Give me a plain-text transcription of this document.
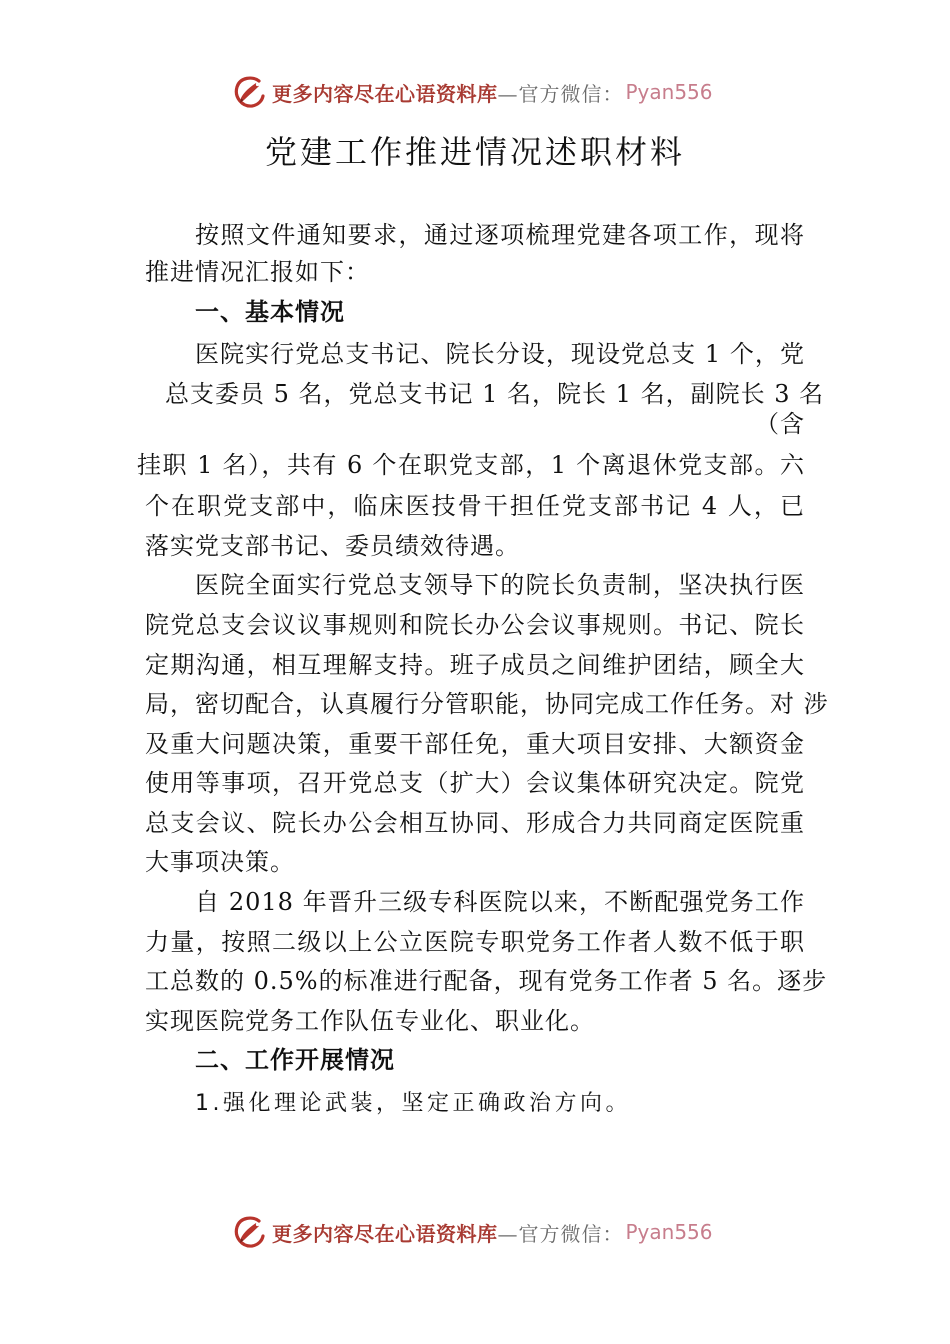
更多内容尽在心语资料库 —官方微信： Pyan556
党建工作推进情况述职材料
按照文件通知要求，通过逐项梳理党建各项工作，现将
推进情况汇报如下：
一、基本情况
医院实行党总支书记、院长分设，现设党总支 1 个，党
总支委员 5 名，党总支书记 1 名，院长 1 名，副院长 3 名
（含
挂职 1 名），共有 6 个在职党支部，1 个离退休党支部。六
个在职党支部中，临床医技骨干担任党支部书记 4 人，已
落实党支部书记、委员绩效待遇。
医院全面实行党总支领导下的院长负责制，坚决执行医
院党总支会议议事规则和院长办公会议事规则。书记、院长
定期沟通，相互理解支持。班子成员之间维护团结，顾全大
局，密切配合，认真履行分管职能，协同完成工作任务。对 涉
及重大问题决策，重要干部任免，重大项目安排、大额资金
使用等事项，召开党总支（扩大）会议集体研究决定。院党
总支会议、院长办公会相互协同、形成合力共同商定医院重
大事项决策。
自 2018 年晋升三级专科医院以来，不断配强党务工作
力量，按照二级以上公立医院专职党务工作者人数不低于职
工总数的 0.5%的标准进行配备，现有党务工作者 5 名。逐步
实现医院党务工作队伍专业化、职业化。
二、工作开展情况
1.强化理论武装，坚定正确政治方向。
更多内容尽在心语资料库 —官方微信： Pyan556
